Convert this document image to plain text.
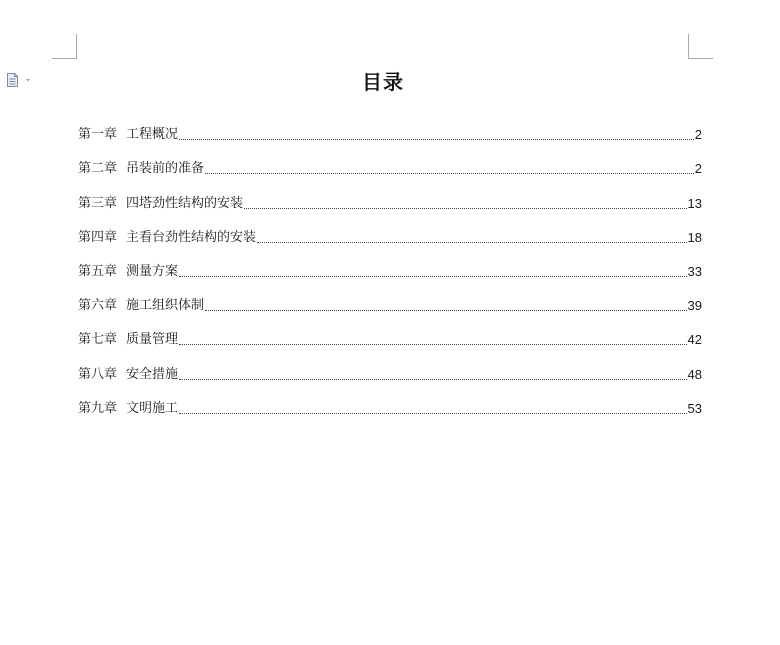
目录
第一章 工程概况	2
第二章 吊装前的准备	2
第三章 四塔劲性结构的安装	13
第四章 主看台劲性结构的安装	18
第五章 测量方案	33
第六章 施工组织体制	39
第七章 质量管理	42
第八章 安全措施	48
第九章 文明施工	53
